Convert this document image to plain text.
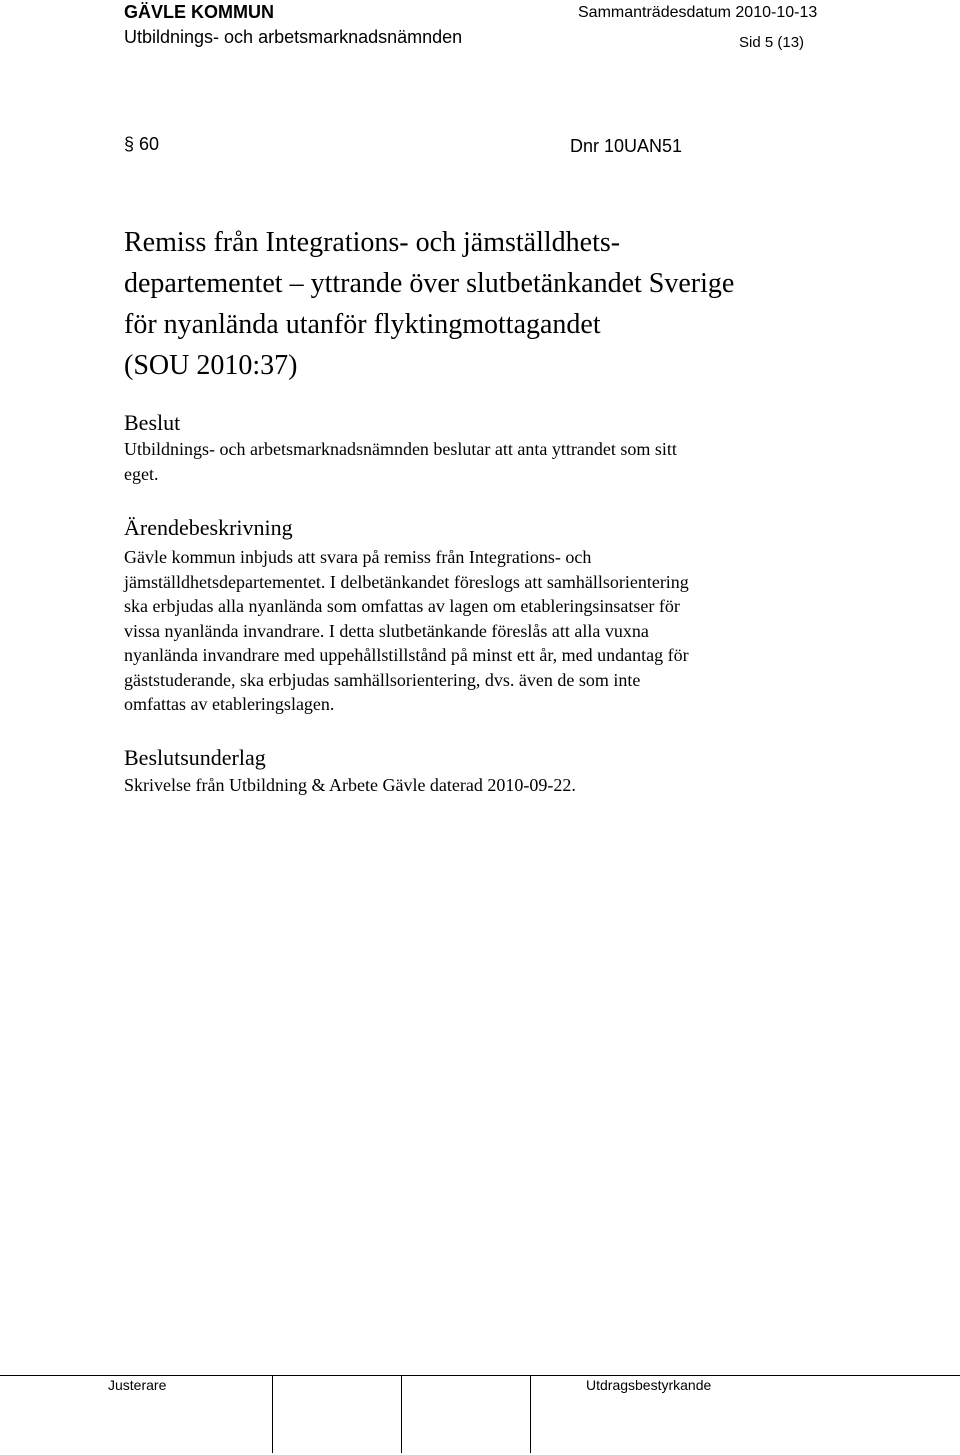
GÄVLE KOMMUN	Sammanträdesdatum 2010-10-13
Utbildnings- och arbetsmarknadsnämnden	Sid 5 (13)
§ 60	Dnr 10UAN51
Remiss från Integrations- och jämställdhets-
departementet – yttrande över slutbetänkandet Sverige
för nyanlända utanför flyktingmottagandet
(SOU 2010:37)
Beslut
Utbildnings- och arbetsmarknadsnämnden beslutar att anta yttrandet som sitt
eget.
Ärendebeskrivning
Gävle kommun inbjuds att svara på remiss från Integrations- och
jämställdhetsdepartementet. I delbetänkandet föreslogs att samhällsorientering
ska erbjudas alla nyanlända som omfattas av lagen om etableringsinsatser för
vissa nyanlända invandrare. I detta slutbetänkande föreslås att alla vuxna
nyanlända invandrare med uppehållstillstånd på minst ett år, med undantag för
gäststuderande, ska erbjudas samhällsorientering, dvs. även de som inte
omfattas av etableringslagen.
Beslutsunderlag
Skrivelse från Utbildning & Arbete Gävle daterad 2010-09-22.
Justerare	Utdragsbestyrkande
